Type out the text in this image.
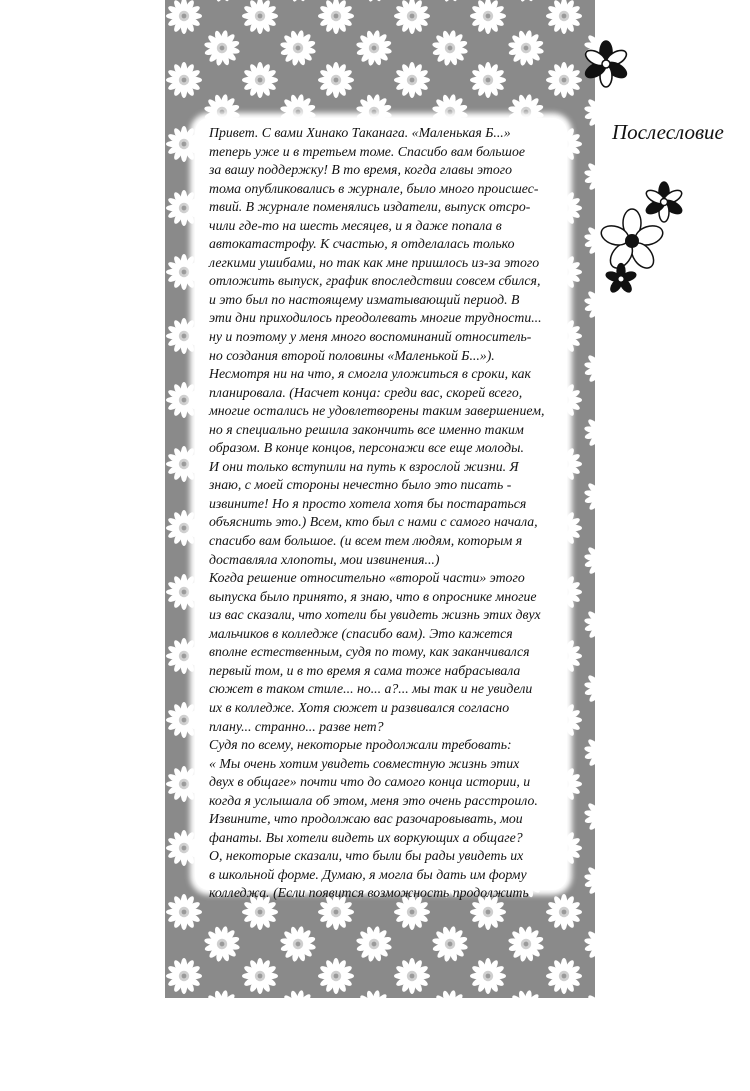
Послесловие

Привет. С вами Хинако Таканага. «Маленькая Б...»
теперь уже и в третьем томе. Спасибо вам большое
за вашу поддержку! В то время, когда главы этого
тома опубликовались в журнале, было много происшес-
твий. В журнале поменялись издатели, выпуск отсро-
чили где-то на шесть месяцев, и я даже попала в
автокатастрофу. К счастью, я отделалась только
легкими ушибами, но так как мне пришлось из-за этого
отложить выпуск, график впоследствии совсем сбился,
и это был по настоящему изматывающий период. В
эти дни приходилось преодолевать многие трудности...
ну и поэтому у меня много воспоминаний относитель-
но создания второй половины «Маленькой Б...»).
Несмотря ни на что, я смогла уложиться в сроки, как
планировала. (Насчет конца: среди вас, скорей всего,
многие остались не удовлетворены таким завершением,
но я специально решила закончить все именно таким
образом. В конце концов, персонажи все еще молоды.
И они только вступили на путь к взрослой жизни. Я
знаю, с моей стороны нечестно было это писать -
извините! Но я просто хотела хотя бы постараться
объяснить это.) Всем, кто был с нами с самого начала,
спасибо вам большое. (и всем тем людям, которым я
доставляла хлопоты, мои извинения...)
Когда решение относительно «второй части» этого
выпуска было принято, я знаю, что в опроснике многие
из вас сказали, что хотели бы увидеть жизнь этих двух
мальчиков в колледже (спасибо вам). Это кажется
вполне естественным, судя по тому, как заканчивался
первый том, и в то время я сама тоже набрасывала
сюжет в таком стиле... но... а?... мы так и не увидели
их в колледже. Хотя сюжет и развивался согласно
плану... странно... разве нет?
Судя по всему, некоторые продолжали требовать:
« Мы очень хотим увидеть совместную жизнь этих
двух в общаге» почти что до самого конца истории, и
когда я услышала об этом, меня это очень расстроило.
Извините, что продолжаю вас разочаровывать, мои
фанаты. Вы хотели видеть их воркующих а общаге?
О, некоторые сказали, что были бы рады увидеть их
в школьной форме. Думаю, я могла бы дать им форму
колледжа. (Если появится возможность продолжить
